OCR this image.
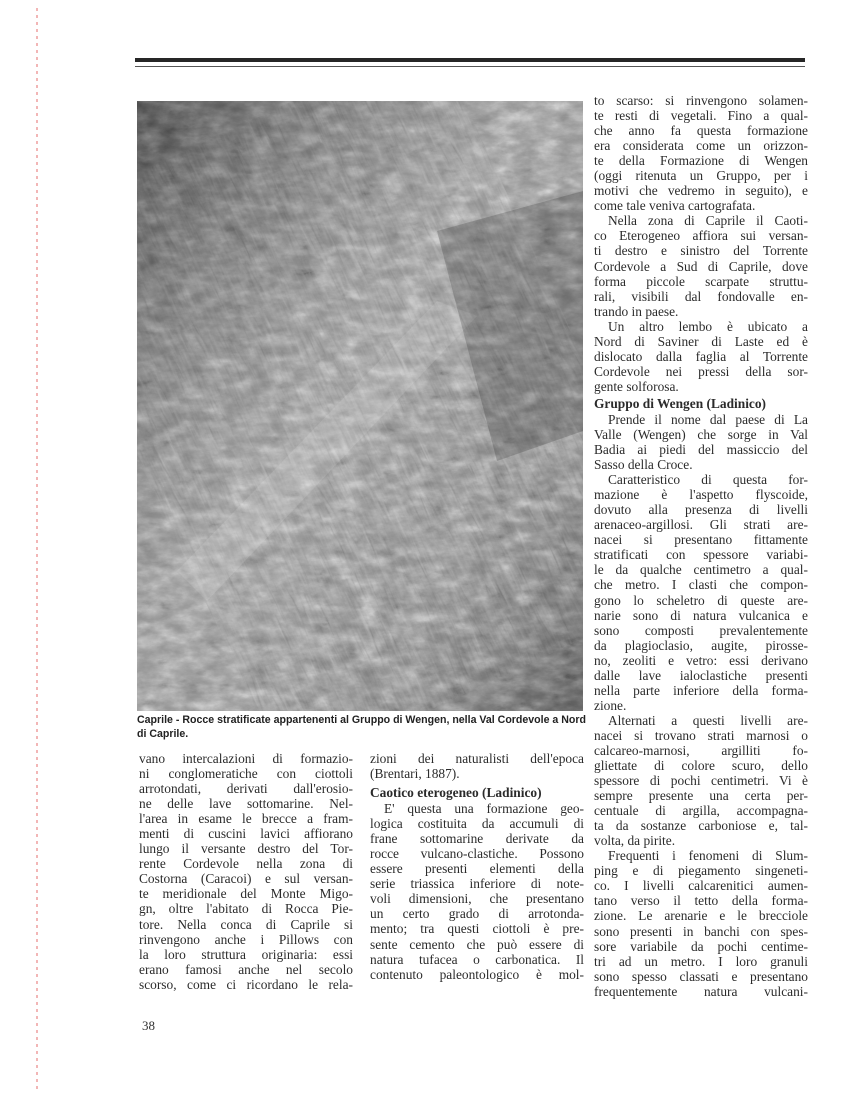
Caprile - Rocce stratificate appartenenti al Gruppo di Wengen, nella Val Cordevole a Nord di Caprile.

vano intercalazioni di formazio-
ni conglomeratiche con ciottoli
arrotondati, derivati dall'erosio-
ne delle lave sottomarine. Nel-
l'area in esame le brecce a fram-
menti di cuscini lavici affiorano
lungo il versante destro del Tor-
rente Cordevole nella zona di
Costorna (Caracoi) e sul versan-
te meridionale del Monte Migo-
gn, oltre l'abitato di Rocca Pie-
tore. Nella conca di Caprile si
rinvengono anche i Pillows con
la loro struttura originaria: essi
erano famosi anche nel secolo
scorso, come ci ricordano le rela-

zioni dei naturalisti dell'epoca
(Brentari, 1887).

Caotico eterogeneo (Ladinico)

E' questa una formazione geo-
logica costituita da accumuli di
frane sottomarine derivate da
rocce vulcano-clastiche. Possono
essere presenti elementi della
serie triassica inferiore di note-
voli dimensioni, che presentano
un certo grado di arrotonda-
mento; tra questi ciottoli è pre-
sente cemento che può essere di
natura tufacea o carbonatica. Il
contenuto paleontologico è mol-

to scarso: si rinvengono solamen-
te resti di vegetali. Fino a qual-
che anno fa questa formazione
era considerata come un orizzon-
te della Formazione di Wengen
(oggi ritenuta un Gruppo, per i
motivi che vedremo in seguito), e
come tale veniva cartografata.

Nella zona di Caprile il Caoti-
co Eterogeneo affiora sui versan-
ti destro e sinistro del Torrente
Cordevole a Sud di Caprile, dove
forma piccole scarpate struttu-
rali, visibili dal fondovalle en-
trando in paese.

Un altro lembo è ubicato a
Nord di Saviner di Laste ed è
dislocato dalla faglia al Torrente
Cordevole nei pressi della sor-
gente solforosa.

Gruppo di Wengen (Ladinico)

Prende il nome dal paese di La
Valle (Wengen) che sorge in Val
Badia ai piedi del massiccio del
Sasso della Croce.

Caratteristico di questa for-
mazione è l'aspetto flyscoide,
dovuto alla presenza di livelli
arenaceo-argillosi. Gli strati are-
nacei si presentano fittamente
stratificati con spessore variabi-
le da qualche centimetro a qual-
che metro. I clasti che compon-
gono lo scheletro di queste are-
narie sono di natura vulcanica e
sono composti prevalentemente
da plagioclasio, augite, pirosse-
no, zeoliti e vetro: essi derivano
dalle lave ialoclastiche presenti
nella parte inferiore della forma-
zione.

Alternati a questi livelli are-
nacei si trovano strati marnosi o
calcareo-marnosi, argilliti fo-
gliettate di colore scuro, dello
spessore di pochi centimetri. Vi è
sempre presente una certa per-
centuale di argilla, accompagna-
ta da sostanze carboniose e, tal-
volta, da pirite.

Frequenti i fenomeni di Slum-
ping e di piegamento singeneti-
co. I livelli calcarenitici aumen-
tano verso il tetto della forma-
zione. Le arenarie e le brecciole
sono presenti in banchi con spes-
sore variabile da pochi centime-
tri ad un metro. I loro granuli
sono spesso classati e presentano
frequentemente natura vulcani-

38
